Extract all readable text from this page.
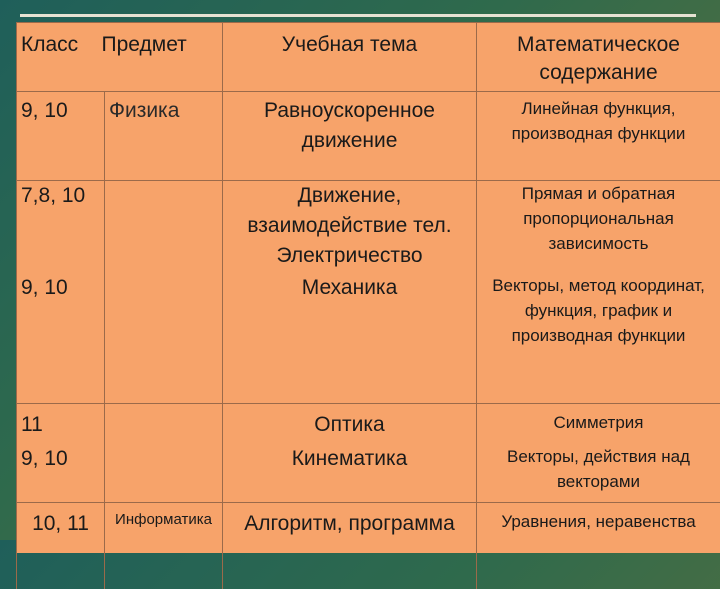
Класс Предмет		Учебная тема	Математическое содержание
9, 10	Физика	Равноускоренное движение	Линейная функция, производная функции
7,8, 10		Движение, взаимодействие тел. Электричество	Прямая и обратная пропорциональная зависимость
9, 10		Механика	Векторы, метод координат, функция, график и производная функции
11		Оптика	Симметрия
9, 10		Кинематика	Векторы, действия над векторами
10, 11	Информатика	Алгоритм, программа	Уравнения, неравенства
